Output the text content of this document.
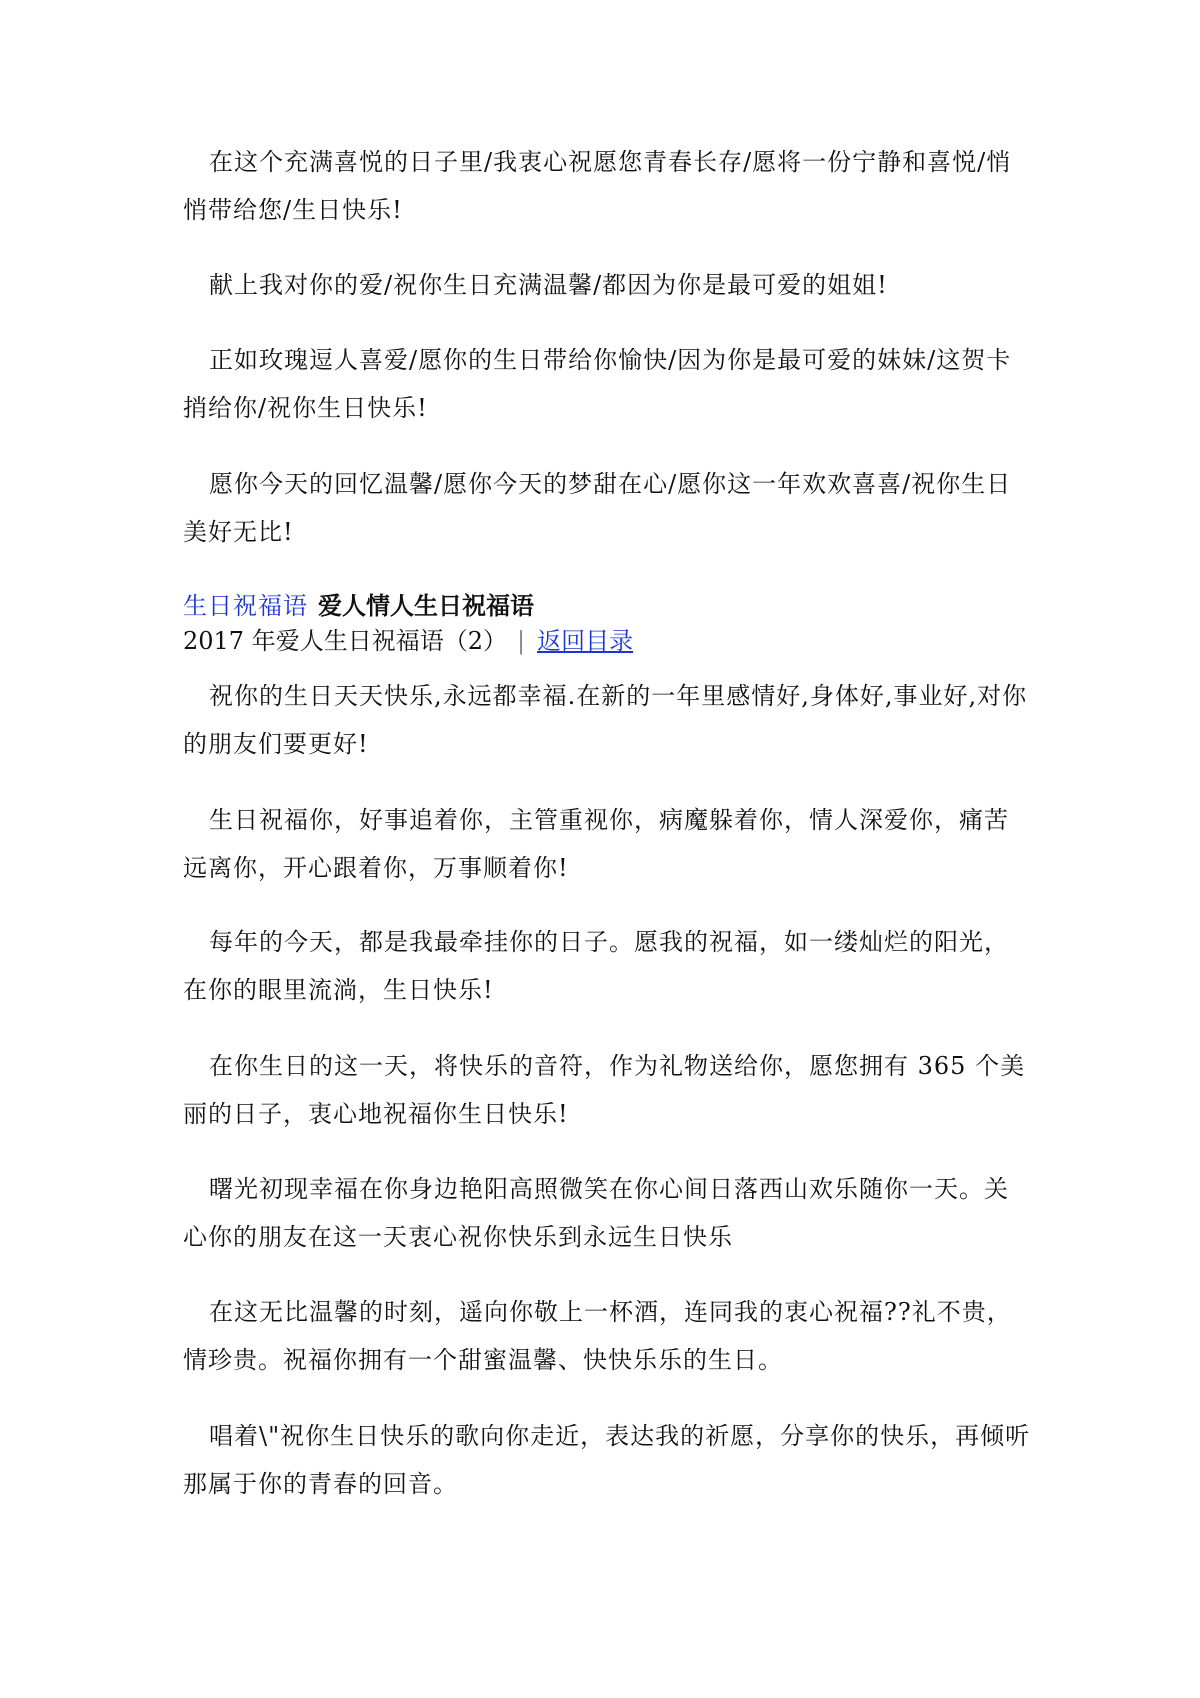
在这个充满喜悦的日子里/我衷心祝愿您青春长存/愿将一份宁静和喜悦/悄悄带给您/生日快乐!

献上我对你的爱/祝你生日充满温馨/都因为你是最可爱的姐姐!

正如玫瑰逗人喜爱/愿你的生日带给你愉快/因为你是最可爱的妹妹/这贺卡捎给你/祝你生日快乐!

愿你今天的回忆温馨/愿你今天的梦甜在心/愿你这一年欢欢喜喜/祝你生日美好无比!

生日祝福语 爱人情人生日祝福语
2017 年爱人生日祝福语（2） | 返回目录

祝你的生日天天快乐,永远都幸福.在新的一年里感情好,身体好,事业好,对你的朋友们要更好!

生日祝福你，好事追着你，主管重视你，病魔躲着你，情人深爱你，痛苦远离你，开心跟着你，万事顺着你!

每年的今天，都是我最牵挂你的日子。愿我的祝福，如一缕灿烂的阳光，在你的眼里流淌，生日快乐!

在你生日的这一天，将快乐的音符，作为礼物送给你，愿您拥有 365 个美丽的日子，衷心地祝福你生日快乐!

曙光初现幸福在你身边艳阳高照微笑在你心间日落西山欢乐随你一天。关心你的朋友在这一天衷心祝你快乐到永远生日快乐

在这无比温馨的时刻，遥向你敬上一杯酒，连同我的衷心祝福??礼不贵，情珍贵。祝福你拥有一个甜蜜温馨、快快乐乐的生日。

唱着\"祝你生日快乐的歌向你走近，表达我的祈愿，分享你的快乐，再倾听那属于你的青春的回音。
